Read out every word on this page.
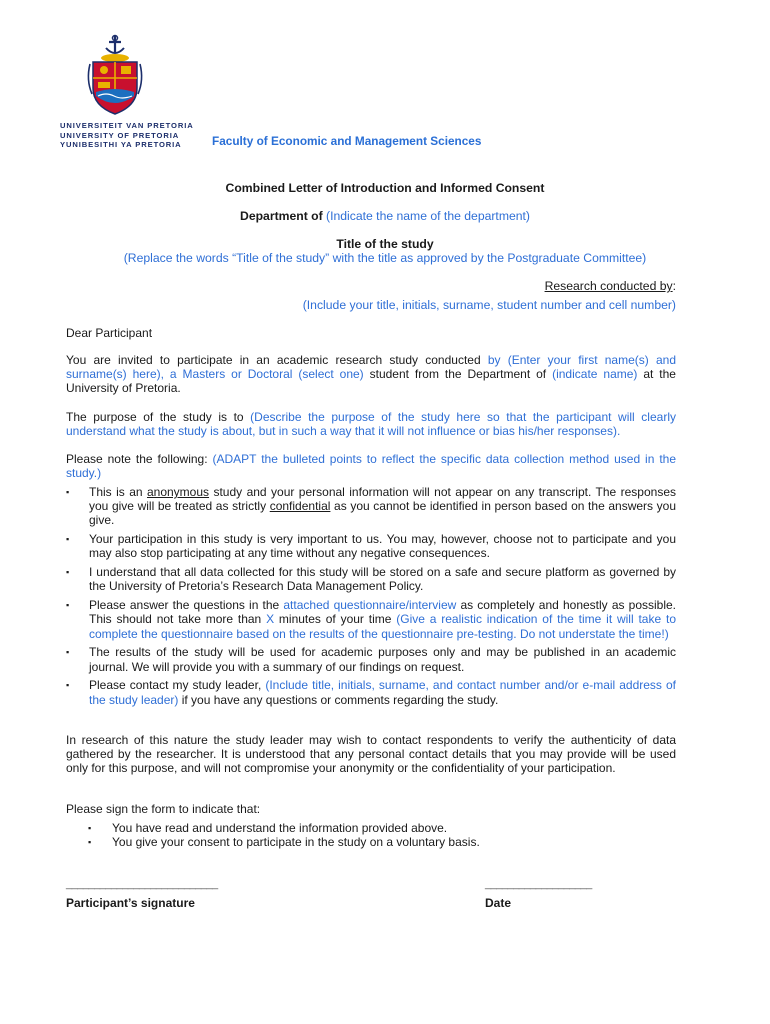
UNIVERSITEIT VAN PRETORIA
UNIVERSITY OF PRETORIA
YUNIBESITHI YA PRETORIA	Faculty of Economic and Management Sciences
Combined Letter of Introduction and Informed Consent
Department of (Indicate the name of the department)
Title of the study
(Replace the words “Title of the study” with the title as approved by the Postgraduate Committee)
Research conducted by:
(Include your title, initials, surname, student number and cell number)
Dear Participant
You are invited to participate in an academic research study conducted by (Enter your first name(s) and surname(s) here), a Masters or Doctoral (select one) student from the Department of (indicate name) at the University of Pretoria.
The purpose of the study is to (Describe the purpose of the study here so that the participant will clearly understand what the study is about, but in such a way that it will not influence or bias his/her responses).
Please note the following: (ADAPT the bulleted points to reflect the specific data collection method used in the study.)
▪ This is an anonymous study and your personal information will not appear on any transcript. The responses you give will be treated as strictly confidential as you cannot be identified in person based on the answers you give.
▪ Your participation in this study is very important to us. You may, however, choose not to participate and you may also stop participating at any time without any negative consequences.
▪ I understand that all data collected for this study will be stored on a safe and secure platform as governed by the University of Pretoria’s Research Data Management Policy.
▪ Please answer the questions in the attached questionnaire/interview as completely and honestly as possible. This should not take more than X minutes of your time (Give a realistic indication of the time it will take to complete the questionnaire based on the results of the questionnaire pre-testing. Do not understate the time!)
▪ The results of the study will be used for academic purposes only and may be published in an academic journal. We will provide you with a summary of our findings on request.
▪ Please contact my study leader, (Include title, initials, surname, and contact number and/or e-mail address of the study leader) if you have any questions or comments regarding the study.
In research of this nature the study leader may wish to contact respondents to verify the authenticity of data gathered by the researcher. It is understood that any personal contact details that you may provide will be used only for this purpose, and will not compromise your anonymity or the confidentiality of your participation.
Please sign the form to indicate that:
▪ You have read and understand the information provided above.
▪ You give your consent to participate in the study on a voluntary basis.
___________________________
Participant’s signature
___________________
Date
